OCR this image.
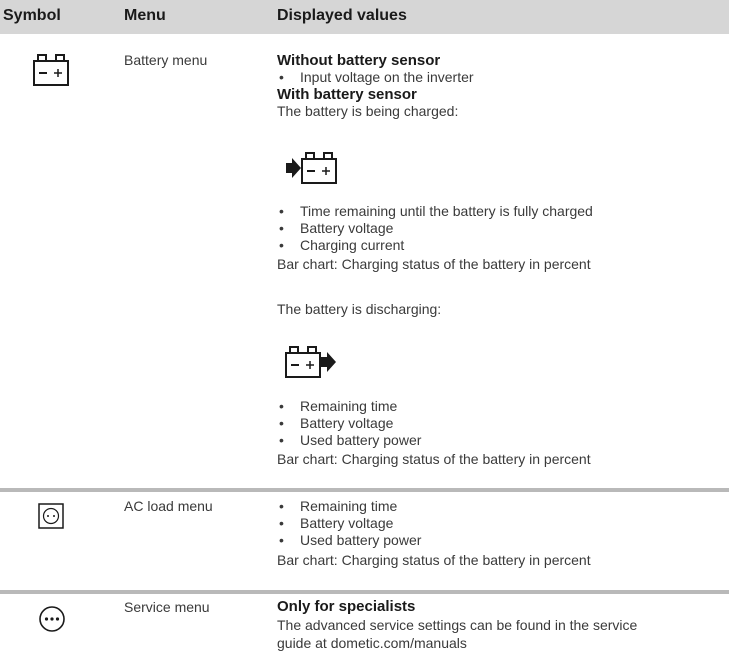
Symbol	Menu	Displayed values
Battery menu	Without battery sensor
• Input voltage on the inverter
With battery sensor
The battery is being charged:
• Time remaining until the battery is fully charged
• Battery voltage
• Charging current
Bar chart: Charging status of the battery in percent
The battery is discharging:
• Remaining time
• Battery voltage
• Used battery power
Bar chart: Charging status of the battery in percent
AC load menu	• Remaining time
• Battery voltage
• Used battery power
Bar chart: Charging status of the battery in percent
Service menu	Only for specialists
The advanced service settings can be found in the service
guide at dometic.com/manuals
